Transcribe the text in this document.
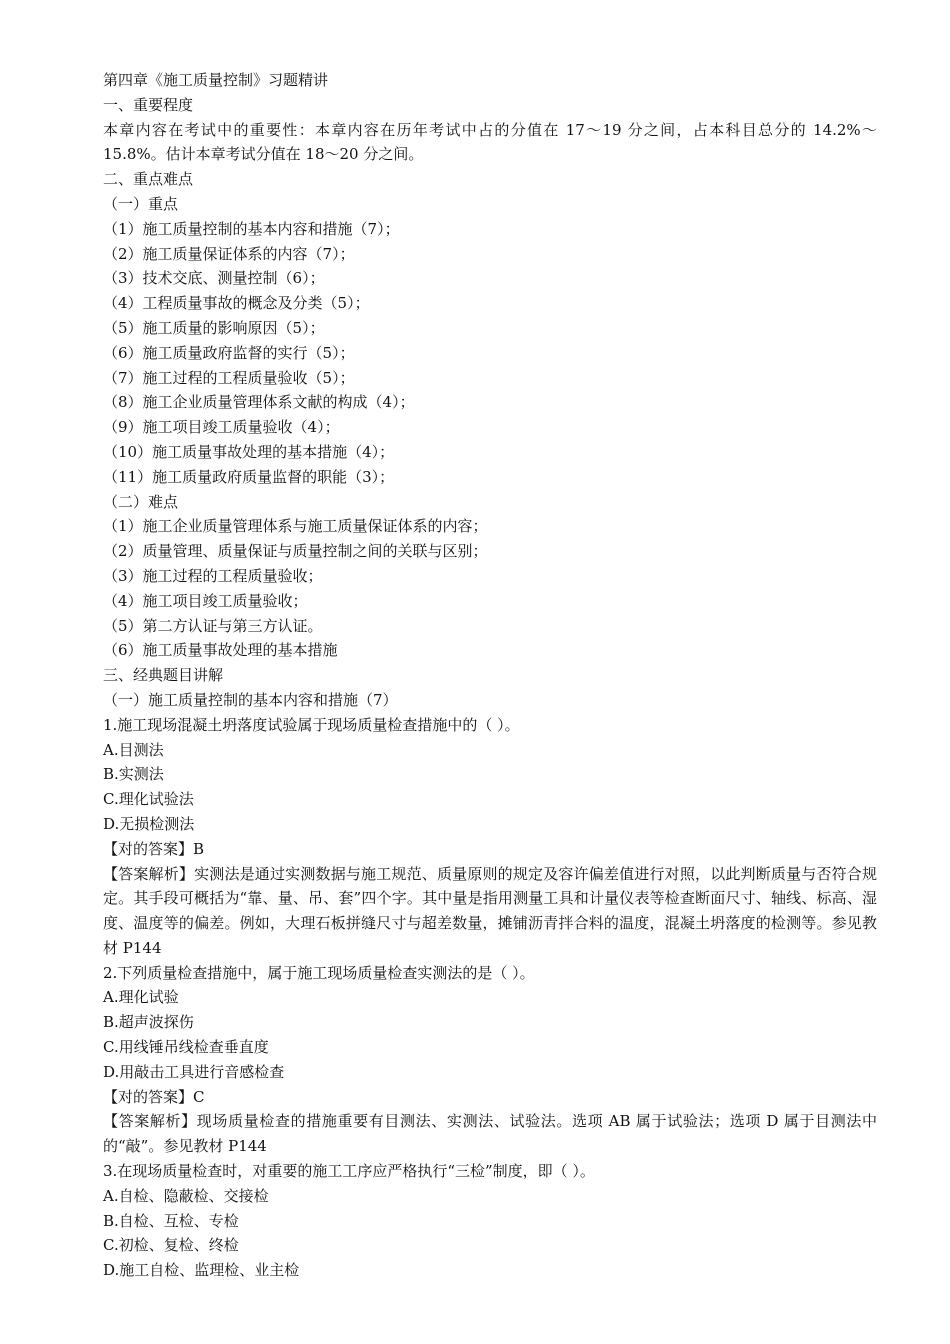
第四章《施工质量控制》习题精讲
一、重要程度
本章内容在考试中的重要性：本章内容在历年考试中占的分值在 17～19 分之间，占本科目总分的 14.2%～15.8%。估计本章考试分值在 18～20 分之间。
二、重点难点
（一）重点
（1）施工质量控制的基本内容和措施（7）；
（2）施工质量保证体系的内容（7）；
（3）技术交底、测量控制（6）；
（4）工程质量事故的概念及分类（5）；
（5）施工质量的影响原因（5）；
（6）施工质量政府监督的实行（5）；
（7）施工过程的工程质量验收（5）；
（8）施工企业质量管理体系文献的构成（4）；
（9）施工项目竣工质量验收（4）；
（10）施工质量事故处理的基本措施（4）；
（11）施工质量政府质量监督的职能（3）；
（二）难点
（1）施工企业质量管理体系与施工质量保证体系的内容；
（2）质量管理、质量保证与质量控制之间的关联与区别；
（3）施工过程的工程质量验收；
（4）施工项目竣工质量验收；
（5）第二方认证与第三方认证。
（6）施工质量事故处理的基本措施
三、经典题目讲解
（一）施工质量控制的基本内容和措施（7）
1.施工现场混凝土坍落度试验属于现场质量检查措施中的（ ）。
A.目测法
B.实测法
C.理化试验法
D.无损检测法
【对的答案】B
【答案解析】实测法是通过实测数据与施工规范、质量原则的规定及容许偏差值进行对照，以此判断质量与否符合规定。其手段可概括为“靠、量、吊、套”四个字。其中量是指用测量工具和计量仪表等检查断面尺寸、轴线、标高、湿度、温度等的偏差。例如，大理石板拼缝尺寸与超差数量，摊铺沥青拌合料的温度，混凝土坍落度的检测等。参见教材 P144
2.下列质量检查措施中，属于施工现场质量检查实测法的是（ ）。
A.理化试验
B.超声波探伤
C.用线锤吊线检查垂直度
D.用敲击工具进行音感检查
【对的答案】C
【答案解析】现场质量检查的措施重要有目测法、实测法、试验法。选项 AB 属于试验法；选项 D 属于目测法中的“敲”。参见教材 P144
3.在现场质量检查时，对重要的施工工序应严格执行“三检”制度，即（ ）。
A.自检、隐蔽检、交接检
B.自检、互检、专检
C.初检、复检、终检
D.施工自检、监理检、业主检
